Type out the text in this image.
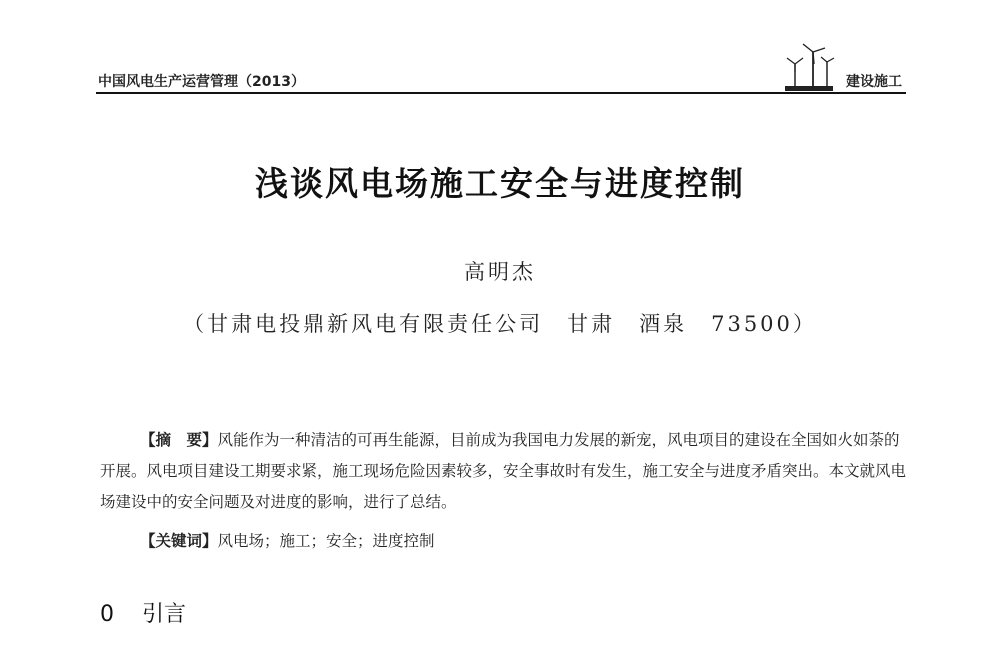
中国风电生产运营管理（2013）	建设施工
浅谈风电场施工安全与进度控制
高明杰
（甘肃电投鼎新风电有限责任公司　甘肃　酒泉　73500）
【摘　要】风能作为一种清洁的可再生能源，目前成为我国电力发展的新宠，风电项目的建设在全国如火如荼的开展。风电项目建设工期要求紧，施工现场危险因素较多，安全事故时有发生，施工安全与进度矛盾突出。本文就风电场建设中的安全问题及对进度的影响，进行了总结。
【关键词】风电场；施工；安全；进度控制
0 引言
